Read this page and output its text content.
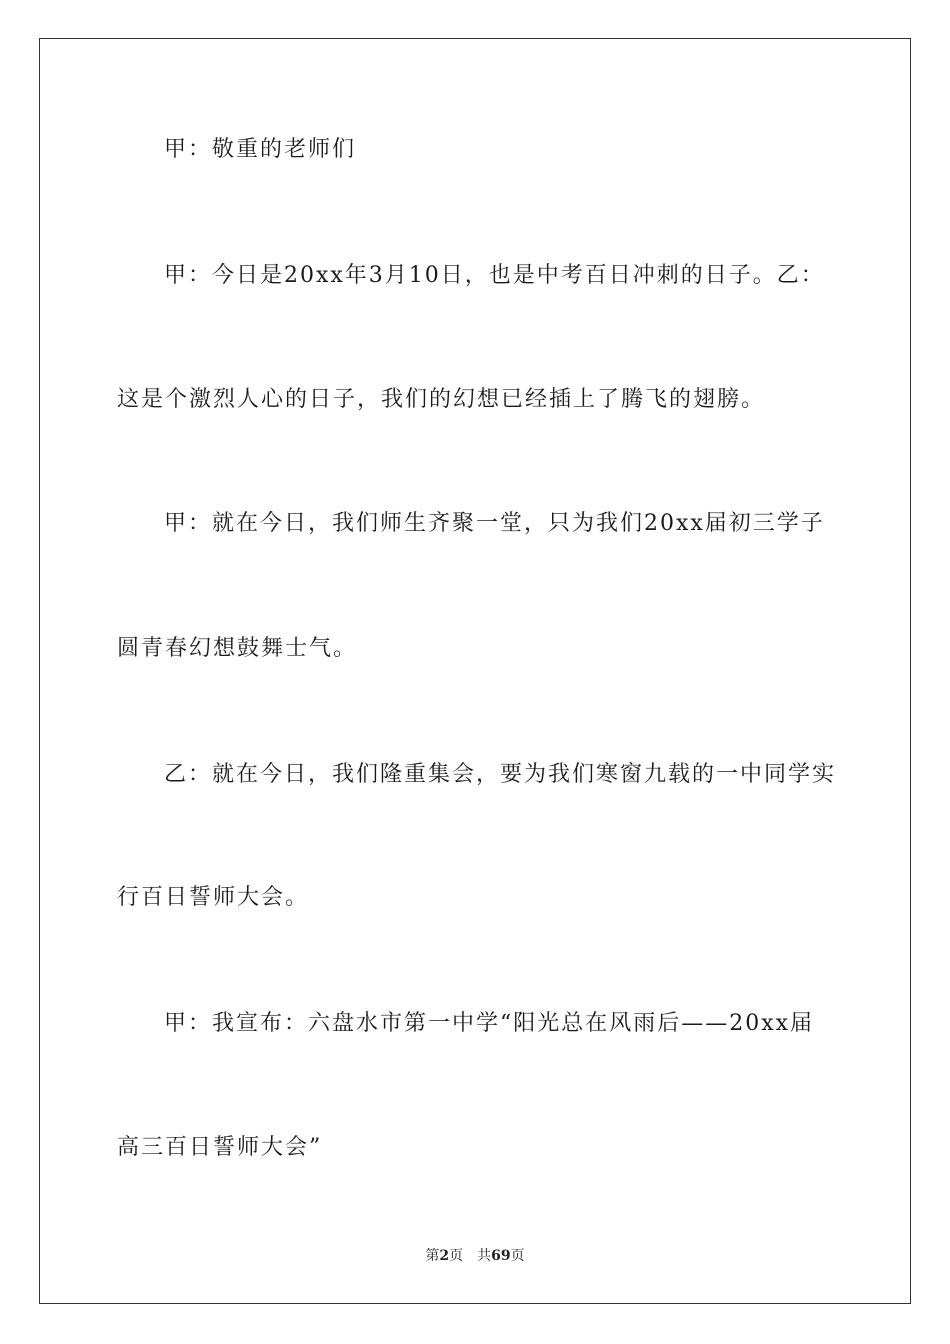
甲：敬重的老师们
甲：今日是20xx年3月10日，也是中考百日冲刺的日子。乙：
这是个激烈人心的日子，我们的幻想已经插上了腾飞的翅膀。
甲：就在今日，我们师生齐聚一堂，只为我们20xx届初三学子
圆青春幻想鼓舞士气。
乙：就在今日，我们隆重集会，要为我们寒窗九载的一中同学实
行百日誓师大会。
甲：我宣布：六盘水市第一中学“阳光总在风雨后——20xx届
高三百日誓师大会”
第2页 共69页
